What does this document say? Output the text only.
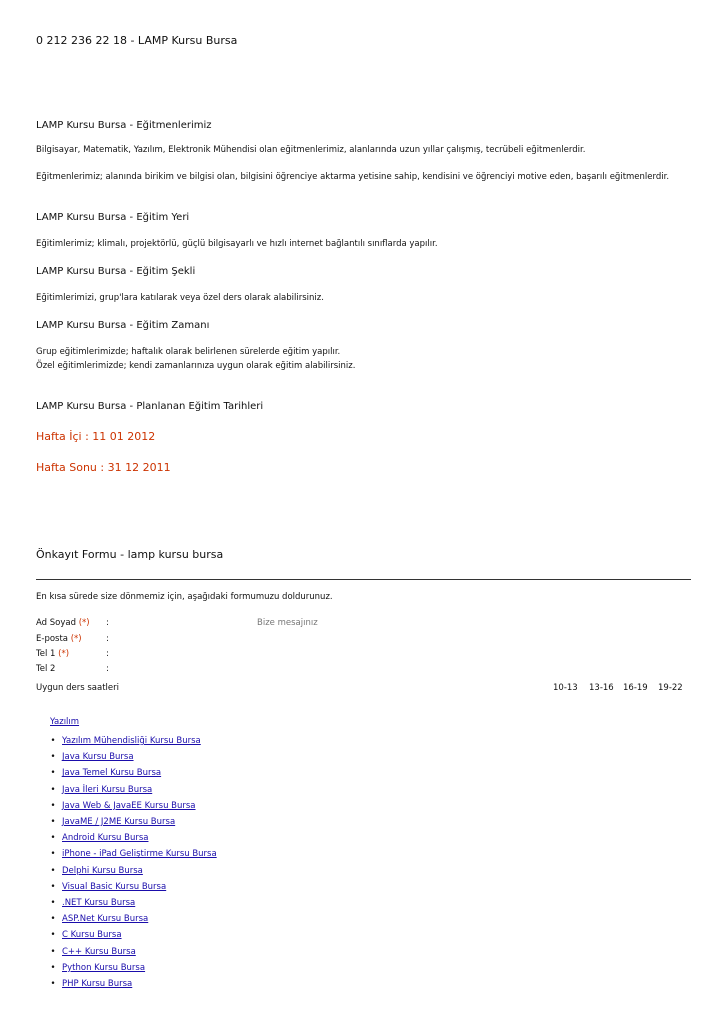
0 212 236 22 18 - LAMP Kursu Bursa
LAMP Kursu Bursa - Eğitmenlerimiz
Bilgisayar, Matematik, Yazılım, Elektronik Mühendisi olan eğitmenlerimiz, alanlarında uzun yıllar çalışmış, tecrübeli eğitmenlerdir.
Eğitmenlerimiz; alanında birikim ve bilgisi olan, bilgisini öğrenciye aktarma yetisine sahip, kendisini ve öğrenciyi motive eden, başarılı eğitmenlerdir.
LAMP Kursu Bursa - Eğitim Yeri
Eğitimlerimiz; klimalı, projektörlü, güçlü bilgisayarlı ve hızlı internet bağlantılı sınıflarda yapılır.
LAMP Kursu Bursa - Eğitim Şekli
Eğitimlerimizi, grup'lara katılarak veya özel ders olarak alabilirsiniz.
LAMP Kursu Bursa - Eğitim Zamanı
Grup eğitimlerimizde; haftalık olarak belirlenen sürelerde eğitim yapılır.
Özel eğitimlerimizde; kendi zamanlarınıza uygun olarak eğitim alabilirsiniz.
LAMP Kursu Bursa - Planlanan Eğitim Tarihleri
Hafta İçi : 11 01 2012
Hafta Sonu : 31 12 2011
Önkayıt Formu - lamp kursu bursa
En kısa sürede size dönmemiz için, aşağıdaki formumuzu doldurunuz.
Ad Soyad (*) :
E-posta (*)	:
Tel 1 (*)	:
Tel 2	:
Bize mesajınız
Uygun ders saatleri	10-13 13-16 16-19 19-22
Yazılım
• Yazılım Mühendisliği Kursu Bursa
• Java Kursu Bursa
• Java Temel Kursu Bursa
• Java İleri Kursu Bursa
• Java Web & JavaEE Kursu Bursa
• JavaME / J2ME Kursu Bursa
• Android Kursu Bursa
• iPhone - iPad Geliştirme Kursu Bursa
• Delphi Kursu Bursa
• Visual Basic Kursu Bursa
• .NET Kursu Bursa
• ASP.Net Kursu Bursa
• C Kursu Bursa
• C++ Kursu Bursa
• Python Kursu Bursa
• PHP Kursu Bursa
